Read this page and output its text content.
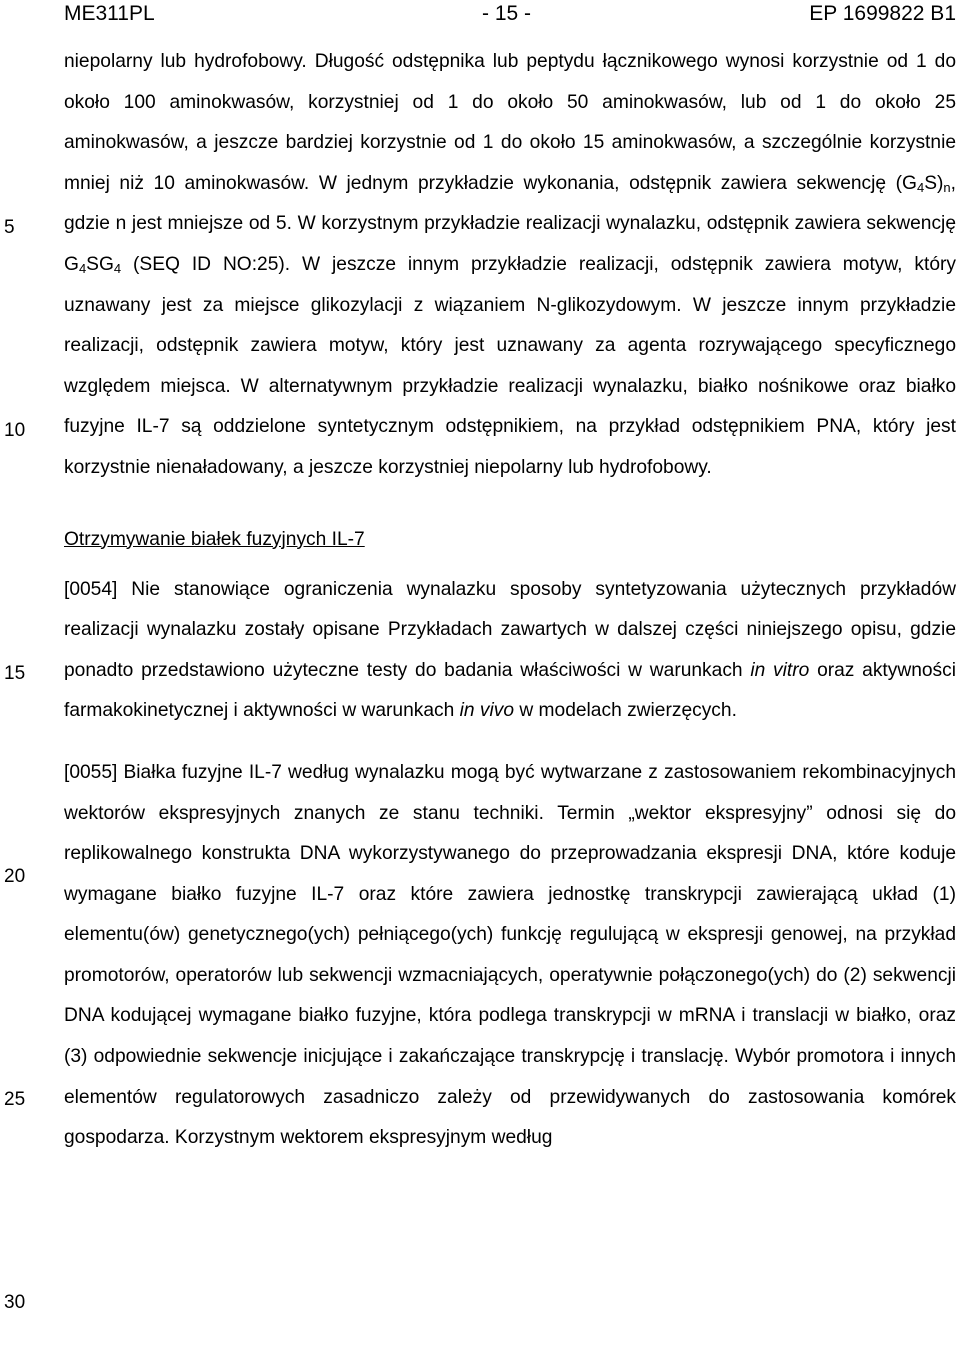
ME311PL	- 15 -	EP 1699822 B1
5
10
15
20
25
30

niepolarny lub hydrofobowy. Długość odstępnika lub peptydu łącznikowego wynosi korzystnie od 1 do około 100 aminokwasów, korzystniej od 1 do około 50 aminokwasów, lub od 1 do około 25 aminokwasów, a jeszcze bardziej korzystnie od 1 do około 15 aminokwasów, a szczególnie korzystnie mniej niż 10 aminokwasów. W jednym przykładzie wykonania, odstępnik zawiera sekwencję $(G_4S)_n$, gdzie n jest mniejsze od 5. W korzystnym przykładzie realizacji wynalazku, odstępnik zawiera sekwencję $G_4SG_4$ (SEQ ID NO:25). W jeszcze innym przykładzie realizacji, odstępnik zawiera motyw, który uznawany jest za miejsce glikozylacji z wiązaniem N-glikozydowym. W jeszcze innym przykładzie realizacji, odstępnik zawiera motyw, który jest uznawany za agenta rozrywającego specyficznego względem miejsca. W alternatywnym przykładzie realizacji wynalazku, białko nośnikowe oraz białko fuzyjne IL-7 są oddzielone syntetycznym odstępnikiem, na przykład odstępnikiem PNA, który jest korzystnie nienaładowany, a jeszcze korzystniej niepolarny lub hydrofobowy.

Otrzymywanie białek fuzyjnych IL-7

[0054] Nie stanowiące ograniczenia wynalazku sposoby syntetyzowania użytecznych przykładów realizacji wynalazku zostały opisane Przykładach zawartych w dalszej części niniejszego opisu, gdzie ponadto przedstawiono użyteczne testy do badania właściwości w warunkach in vitro oraz aktywności farmakokinetycznej i aktywności w warunkach in vivo w modelach zwierzęcych.

[0055] Białka fuzyjne IL-7 według wynalazku mogą być wytwarzane z zastosowaniem rekombinacyjnych wektorów ekspresyjnych znanych ze stanu techniki. Termin „wektor ekspresyjny” odnosi się do replikowalnego konstrukta DNA wykorzystywanego do przeprowadzania ekspresji DNA, które koduje wymagane białko fuzyjne IL-7 oraz które zawiera jednostkę transkrypcji zawierającą układ (1) elementu(ów) genetycznego(ych) pełniącego(ych) funkcję regulującą w ekspresji genowej, na przykład promotorów, operatorów lub sekwencji wzmacniających, operatywnie połączonego(ych) do (2) sekwencji DNA kodującej wymagane białko fuzyjne, która podlega transkrypcji w mRNA i translacji w białko, oraz (3) odpowiednie sekwencje inicjujące i zakańczające transkrypcję i translację. Wybór promotora i innych elementów regulatorowych zasadniczo zależy od przewidywanych do zastosowania komórek gospodarza. Korzystnym wektorem ekspresyjnym według
